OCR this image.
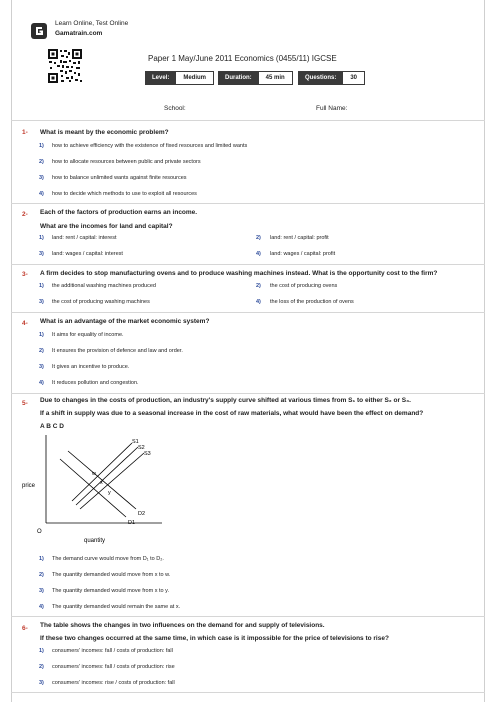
Learn Online, Test Online
Gamatrain.com
Paper 1 May/June 2011 Economics (0455/11) IGCSE
Level:	Medium	Duration:	45 min	Questions:	30
School:	Full Name:
1- What is meant by the economic problem?
1) how to achieve efficiency with the existence of fixed resources and limited wants
2) how to allocate resources between public and private sectors
3) how to balance unlimited wants against finite resources
4) how to decide which methods to use to exploit all resources
2- Each of the factors of production earns an income.
What are the incomes for land and capital?
1) land: rent / capital: interest	2) land: rent / capital: profit
3) land: wages / capital: interest	4) land: wages / capital: profit
3- A firm decides to stop manufacturing ovens and to produce washing machines instead. What is the opportunity cost to the firm?
1) the additional washing machines produced	2) the cost of producing ovens
3) the cost of producing washing machines	4) the loss of the production of ovens
4- What is an advantage of the market economic system?
1) It aims for equality of income.
2) It ensures the provision of defence and law and order.
3) It gives an incentive to produce.
4) It reduces pollution and congestion.
5- Due to changes in the costs of production, an industry's supply curve shifted at various times from S₁ to either S₂ or S₃.
If a shift in supply was due to a seasonal increase in the cost of raw materials, what would have been the effect on demand?
A B C D
price
quantity
O
S1
S2
S3
D2
D1
w
x
y
1) The demand curve would move from D₁ to D₂.
2) The quantity demanded would move from x to w.
3) The quantity demanded would move from x to y.
4) The quantity demanded would remain the same at x.
6- The table shows the changes in two influences on the demand for and supply of televisions.
If these two changes occurred at the same time, in which case is it impossible for the price of televisions to rise?
1) consumers' incomes: fall / costs of production: fall
2) consumers' incomes: fall / costs of production: rise
3) consumers' incomes: rise / costs of production: fall
